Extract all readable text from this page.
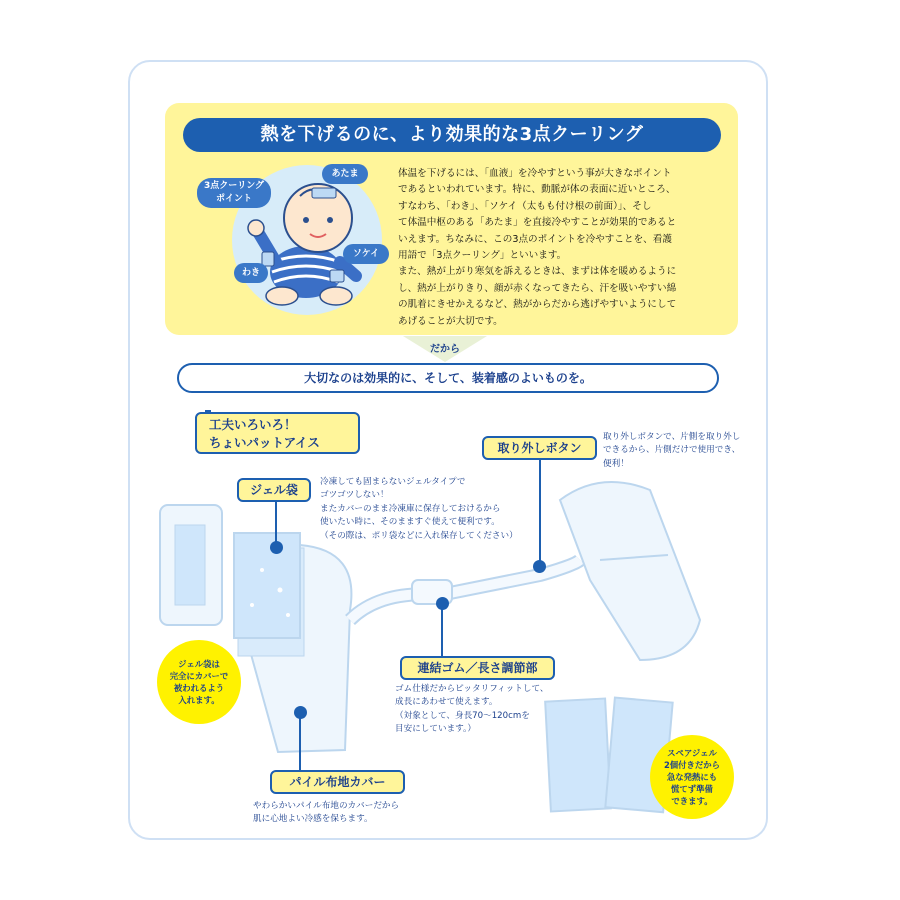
熱を下げるのに、より効果的な3点クーリング
3点クーリング
ポイント
あたま
わき
ソケイ
体温を下げるには、「血液」を冷やすという事が大きなポイント
であるといわれています。特に、動脈が体の表面に近いところ、
すなわち、「わき」、「ソケイ（太もも付け根の前面）」、そし
て体温中枢のある「あたま」を直接冷やすことが効果的であると
いえます。ちなみに、この3点のポイントを冷やすことを、看護
用語で「3点クーリング」といいます。
また、熱が上がり寒気を訴えるときは、まずは体を暖めるように
し、熱が上がりきり、顔が赤くなってきたら、汗を吸いやすい綿
の肌着にきせかえるなど、熱がからだから逃げやすいようにして
あげることが大切です。
だから
大切なのは効果的に、そして、装着感のよいものを。
工夫いろいろ！
ちょいパットアイス
ジェル袋
冷凍しても固まらないジェルタイプで
ゴツゴツしない！
またカバーのまま冷凍庫に保存しておけるから
使いたい時に、そのまますぐ使えて便利です。
（その際は、ポリ袋などに入れ保存してください）
取り外しボタン
取り外しボタンで、片側を取り外し
できるから、片側だけで使用でき、
便利！
連結ゴム／長さ調節部
ゴム仕様だからピッタリフィットして、
成長にあわせて使えます。
（対象として、身長70〜120cmを
目安にしています。）
パイル布地カバー
やわらかいパイル布地のカバーだから
肌に心地よい冷感を保ちます。
ジェル袋は
完全にカバーで
被われるよう
入れます。
スペアジェル
2個付きだから
急な発熱にも
慌てず準備
できます。
